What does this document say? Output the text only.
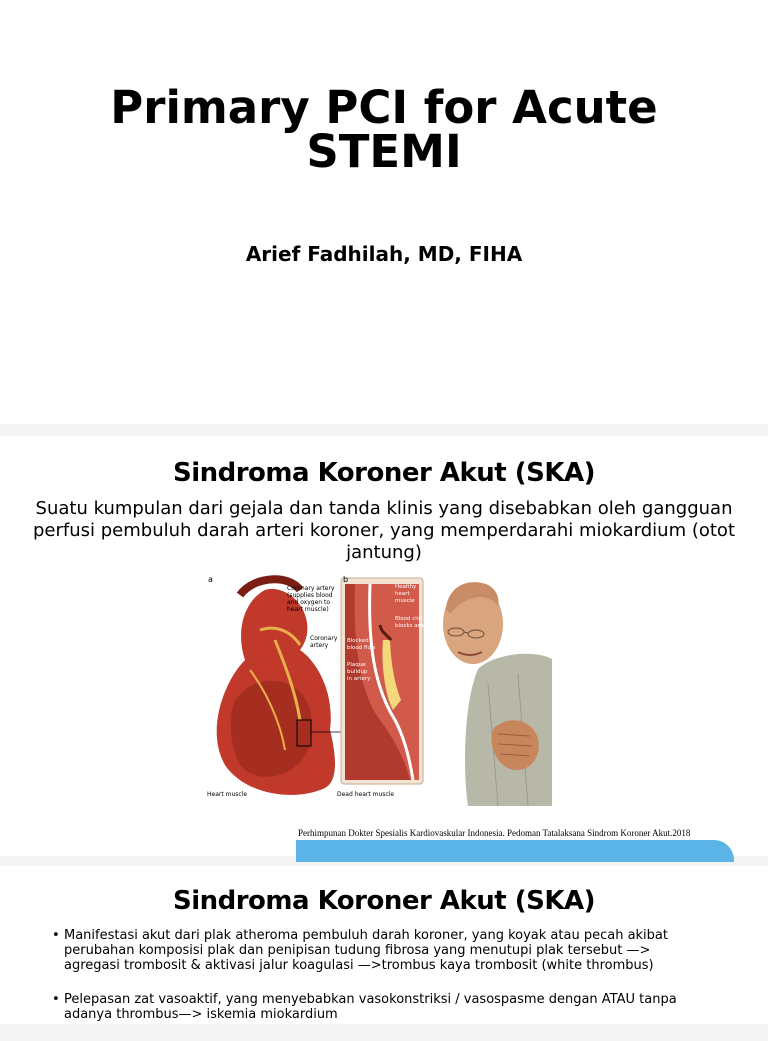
Primary PCI for Acute
STEMI

Arief Fadhilah, MD, FIHA

Sindroma Koroner Akut (SKA)

Suatu kumpulan dari gejala dan tanda klinis yang disebabkan oleh gangguan perfusi pembuluh darah arteri koroner, yang memperdarahi miokardium (otot jantung)

a
Coronary artery
(supplies blood
and oxygen to
heart muscle)
Coronary
artery
Heart muscle
b
Healthy
heart
muscle
Blood clot
blocks artery
Blocked
blood flow
Plaque
buildup
in artery
Dead heart muscle

Perhimpunan Dokter Spesialis Kardiovaskular Indonesia. Pedoman Tatalaksana Sindrom Koroner Akut.2018

Sindroma Koroner Akut (SKA)
• Manifestasi akut dari plak atheroma pembuluh darah koroner, yang koyak atau pecah akibat
perubahan komposisi plak dan penipisan tudung fibrosa yang menutupi plak tersebut —>
agregasi trombosit & aktivasi jalur koagulasi —>trombus kaya trombosit (white thrombus)
• Pelepasan zat vasoaktif, yang menyebabkan vasokonstriksi / vasospasme dengan ATAU tanpa
adanya thrombus—> iskemia miokardium
